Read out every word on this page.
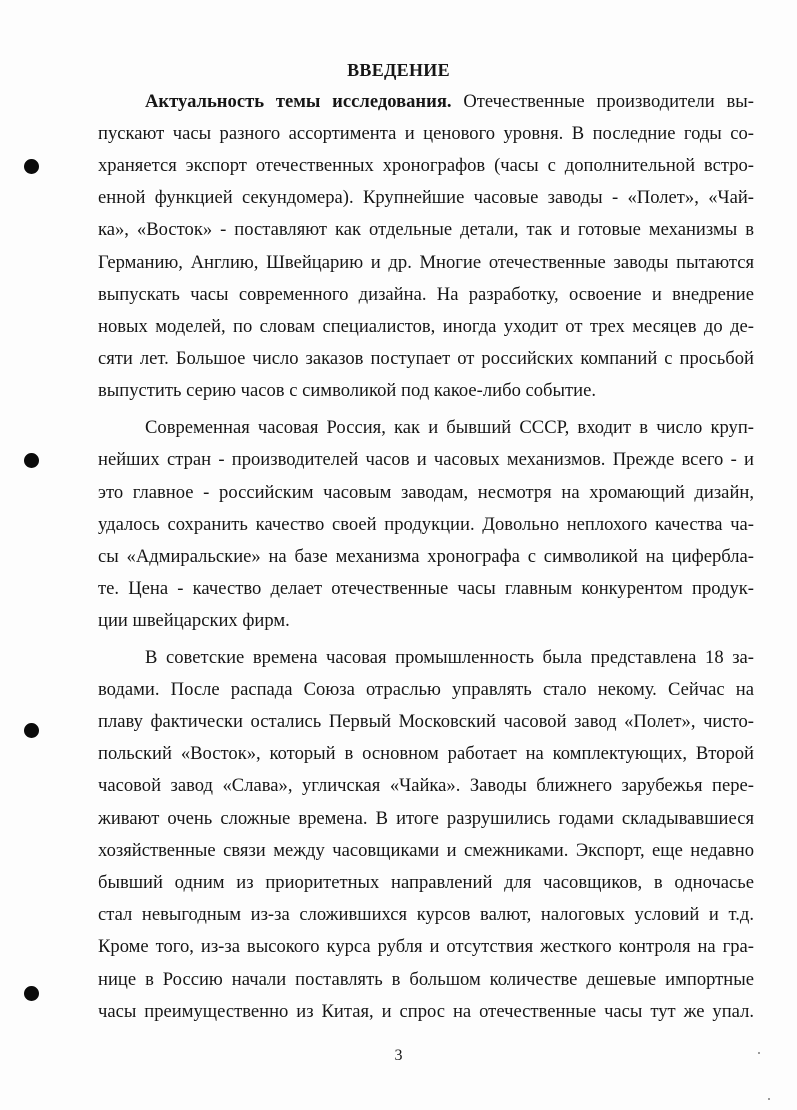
ВВЕДЕНИЕ
Актуальность темы исследования. Отечественные производители вы-
пускают часы разного ассортимента и ценового уровня. В последние годы со-
храняется экспорт отечественных хронографов (часы с дополнительной встро-
енной функцией секундомера). Крупнейшие часовые заводы - «Полет», «Чай-
ка», «Восток» - поставляют как отдельные детали, так и готовые механизмы в
Германию, Англию, Швейцарию и др. Многие отечественные заводы пытаются
выпускать часы современного дизайна. На разработку, освоение и внедрение
новых моделей, по словам специалистов, иногда уходит от трех месяцев до де-
сяти лет. Большое число заказов поступает от российских компаний с просьбой
выпустить серию часов с символикой под какое-либо событие.
Современная часовая Россия, как и бывший СССР, входит в число круп-
нейших стран - производителей часов и часовых механизмов. Прежде всего - и
это главное - российским часовым заводам, несмотря на хромающий дизайн,
удалось сохранить качество своей продукции. Довольно неплохого качества ча-
сы «Адмиральские» на базе механизма хронографа с символикой на цифербла-
те. Цена - качество делает отечественные часы главным конкурентом продук-
ции швейцарских фирм.
В советские времена часовая промышленность была представлена 18 за-
водами. После распада Союза отраслью управлять стало некому. Сейчас на
плаву фактически остались Первый Московский часовой завод «Полет», чисто-
польский «Восток», который в основном работает на комплектующих, Второй
часовой завод «Слава», угличская «Чайка». Заводы ближнего зарубежья пере-
живают очень сложные времена. В итоге разрушились годами складывавшиеся
хозяйственные связи между часовщиками и смежниками. Экспорт, еще недавно
бывший одним из приоритетных направлений для часовщиков, в одночасье
стал невыгодным из-за сложившихся курсов валют, налоговых условий и т.д.
Кроме того, из-за высокого курса рубля и отсутствия жесткого контроля на гра-
нице в Россию начали поставлять в большом количестве дешевые импортные
часы преимущественно из Китая, и спрос на отечественные часы тут же упал.
3
